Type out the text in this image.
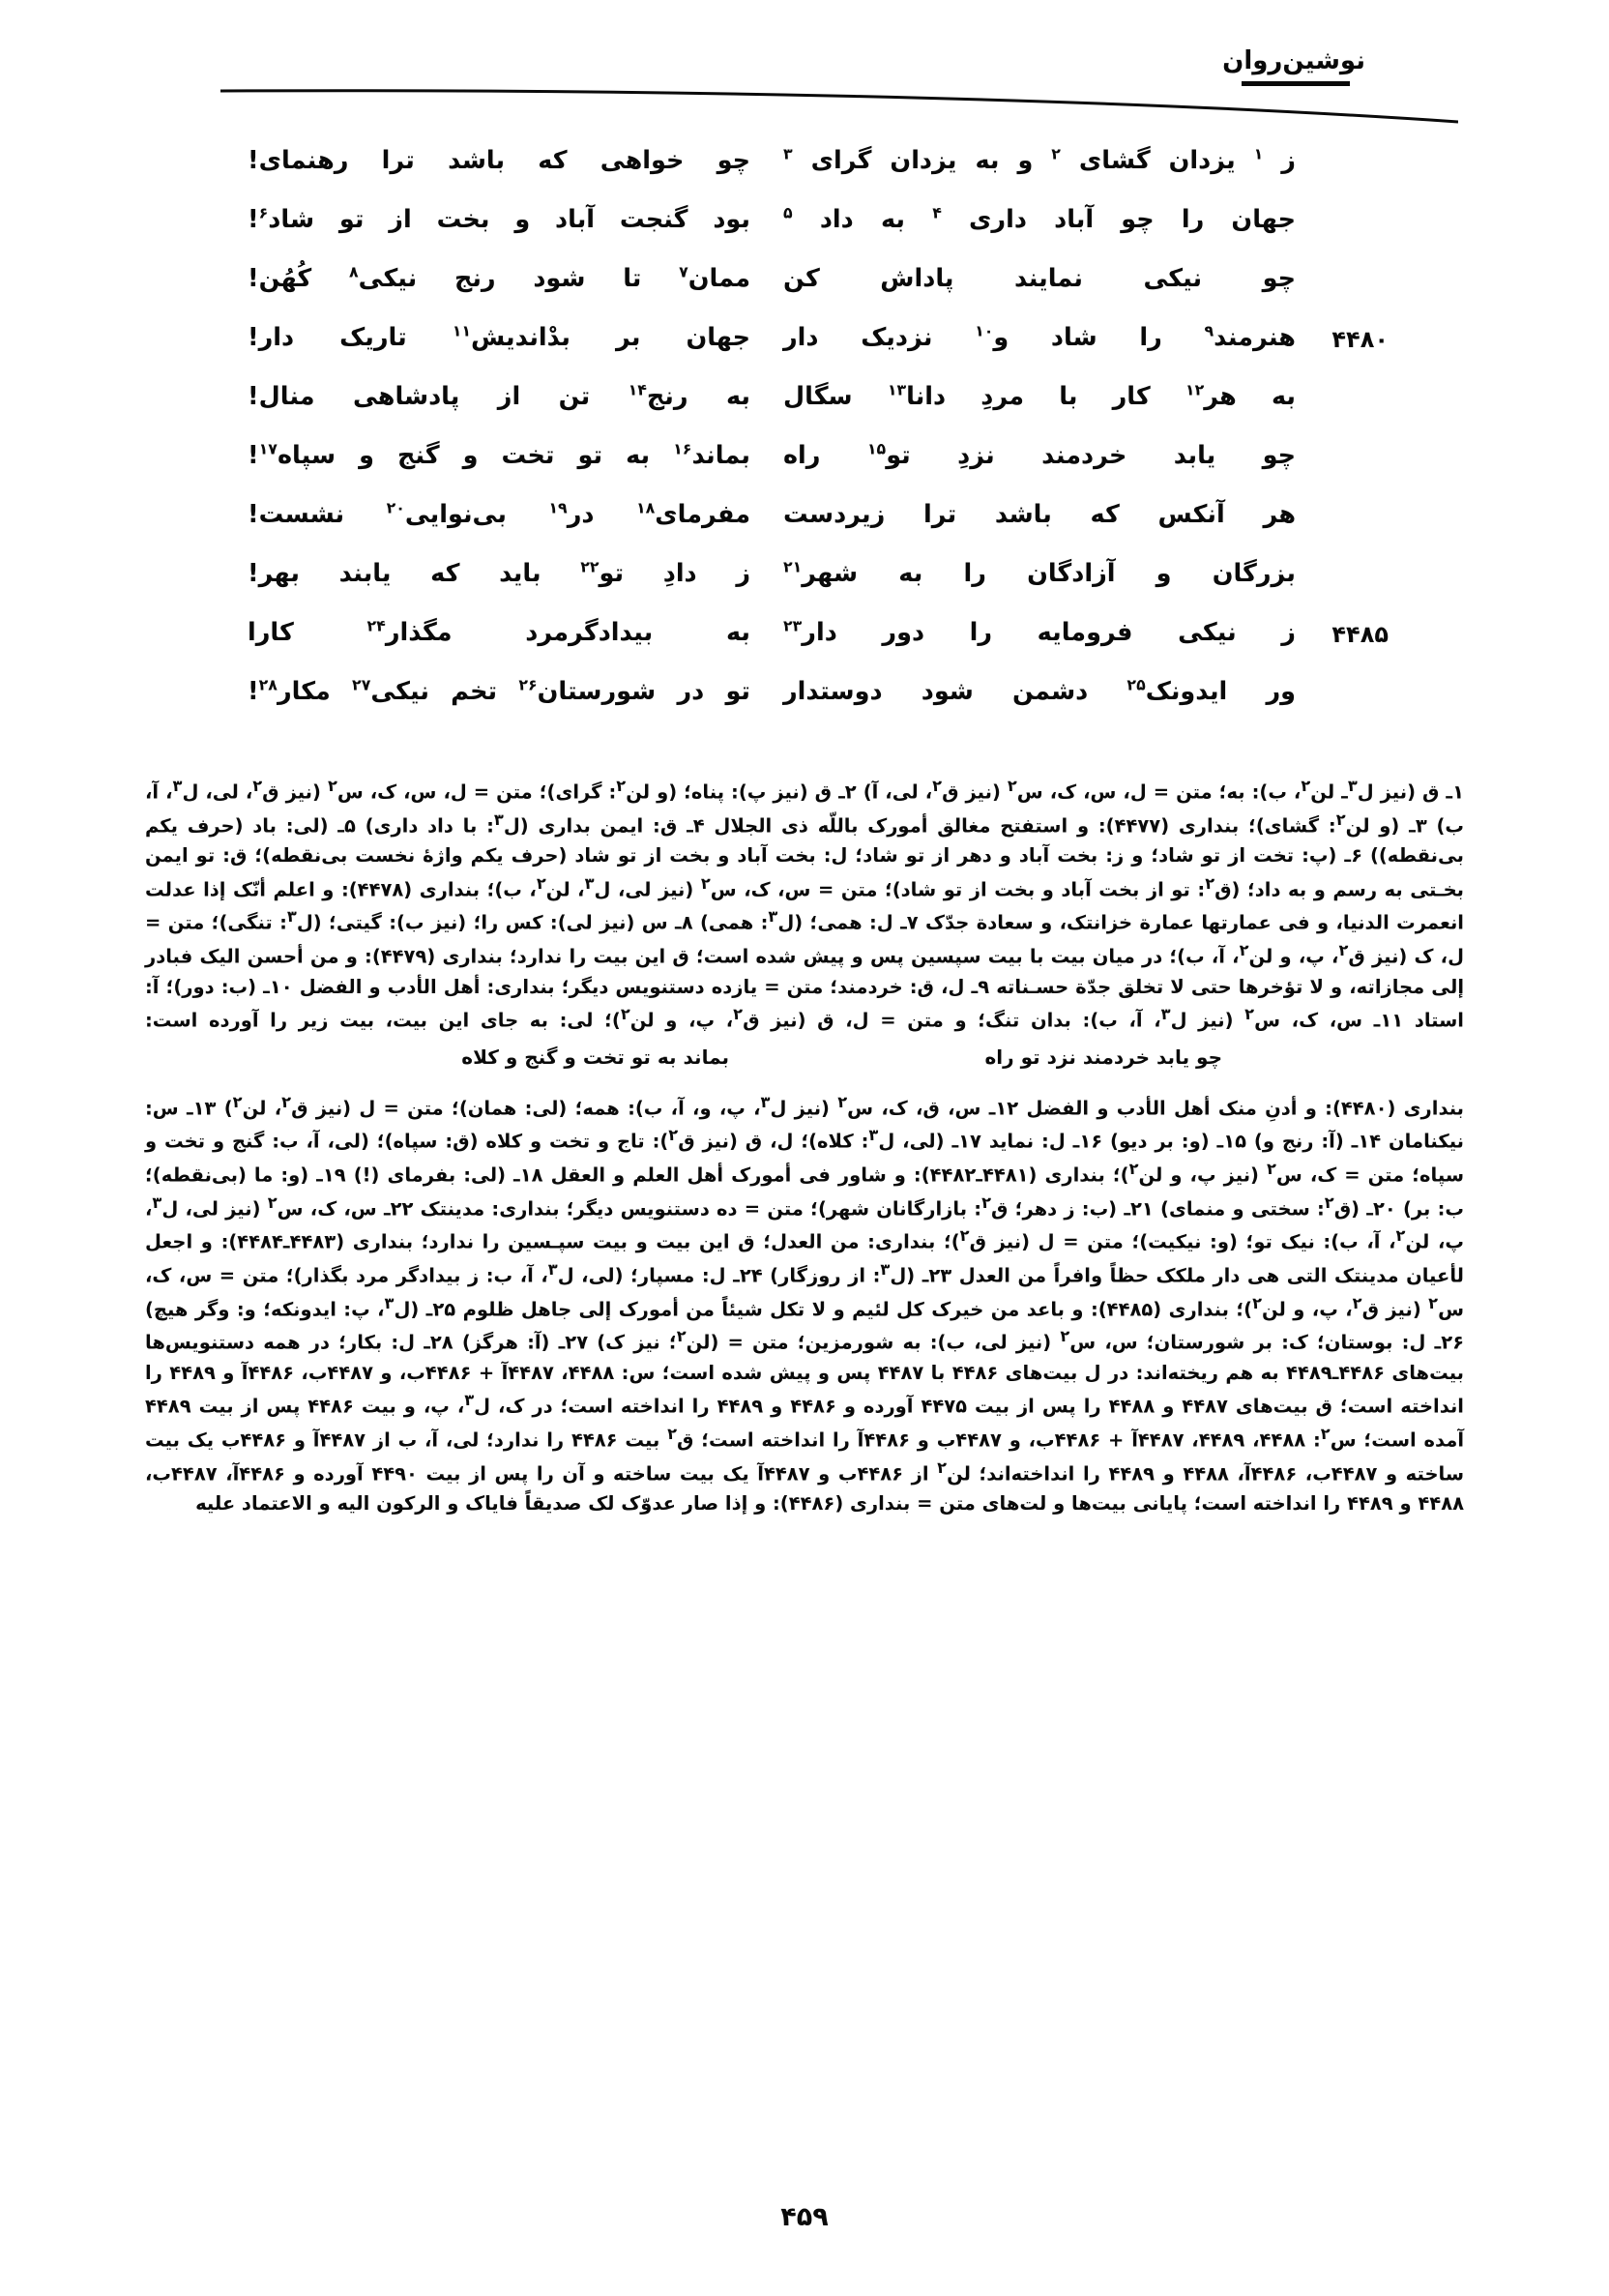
نوشین‌روان
ز $^۱$ یزدان گشای $^۲$ و به یزدان گرای $^۳$
چو خواهی که باشد ترا رهنمای!
جهان را چو آباد داری $^۴$ به داد $^۵$
بود گنجت آباد و بخت از تو شاد$^۶$!
چو نیکی نمایند پاداش کن
ممان$^۷$ تا شود رنج نیکی$^۸$ کُهُن!
۴۴۸۰
هنرمند$^۹$ را شاد و$^{۱۰}$ نزدیک دار
جهان بر بدْاندیش$^{۱۱}$ تاریک دار!
به هر$^{۱۲}$ کار با مردِ دانا$^{۱۳}$ سگال
به رنج$^{۱۴}$ تن از پادشاهی منال!
چو یابد خردمند نزدِ تو$^{۱۵}$ راه
بماند$^{۱۶}$ به تو تخت و گنج و سپاه$^{۱۷}$!
هر آنکس که باشد ترا زیردست
مفرمای$^{۱۸}$ در$^{۱۹}$ بی‌نوایی$^{۲۰}$ نشست!
بزرگان و آزادگان را به شهر$^{۲۱}$
ز دادِ تو$^{۲۲}$ باید که یابند بهر!
۴۴۸۵
ز نیکی فرومایه را دور دار$^{۲۳}$
به بیدادگرمرد مگذار$^{۲۴}$ کارا
ور ایدونک$^{۲۵}$ دشمن شود دوستدار
تو در شورستان$^{۲۶}$ تخم نیکی$^{۲۷}$ مکار$^{۲۸}$!
۱ـ ق (نیز ل$^۳$ـ لن$^۲$، ب): به؛ متن = ل، س، ک، س$^۲$ (نیز ق$^۲$، لی، آ) ۲ـ ق (نیز پ): پناه؛ (و لن$^۲$: گرای)؛ متن = ل، س، ک، س$^۲$ (نیز ق$^۲$، لی، ل$^۳$، آ، ب) ۳ـ (و لن$^۲$: گشای)؛ بنداری (۴۴۷۷): و استفتح مغالق أمورک باللّه ذی الجلال ۴ـ ق: ایمن بداری (ل$^۳$: با داد داری) ۵ـ (لی: باد (حرف یکم بی‌نقطه)) ۶ـ (پ: تخت از تو شاد؛ و ز: بخت آباد و دهر از تو شاد؛ ل: بخت آباد و بخت از تو شاد (حرف یکم واژهٔ نخست بی‌نقطه)؛ ق: تو ایمن بخـتی به رسم و به داد؛ (ق$^۲$: تو از بخت آباد و بخت از تو شاد)؛ متن = س، ک، س$^۲$ (نیز لی، ل$^۳$، لن$^۲$، ب)؛ بنداری (۴۴۷۸): و اعلم أنّک إذا عدلت انعمرت الدنیا، و فی عمارتها عمارة خزانتک، و سعادة جدّک ۷ـ ل: همی؛ (ل$^۳$: همی) ۸ـ س (نیز لی): کس را؛ (نیز ب): گیتی؛ (ل$^۳$: تنگی)؛ متن = ل، ک (نیز ق$^۲$، پ، و لن$^۲$، آ، ب)؛ در میان بیت با بیت سپسین پس و پیش شده است؛ ق این بیت را ندارد؛ بنداری (۴۴۷۹): و من أحسن الیک فبادر إلی مجازاته، و لا تؤخرها حتی لا تخلق جدّة حسـناته ۹ـ ل، ق: خردمند؛ متن = یازده دستنویس دیگر؛ بنداری: أهل الأدب و الفضل ۱۰ـ (ب: دور)؛ آ: استاد ۱۱ـ س، ک، س$^۲$ (نیز ل$^۳$، آ، ب): بدان تنگ؛ و متن = ل، ق (نیز ق$^۲$، پ، و لن$^۲$)؛ لی: به جای این بیت، بیت زیر را آورده است:
چو یابد خردمند نزد تو راه
بماند به تو تخت و گنج و کلاه
بنداری (۴۴۸۰): و أدنِ منک أهل الأدب و الفضل ۱۲ـ س، ق، ک، س$^۲$ (نیز ل$^۳$، پ، و، آ، ب): همه؛ (لی: همان)؛ متن = ل (نیز ق$^۲$، لن$^۲$) ۱۳ـ س: نیکنامان ۱۴ـ (آ: رنج و) ۱۵ـ (و: بر دیو) ۱۶ـ ل: نماید ۱۷ـ (لی، ل$^۳$: کلاه)؛ ل، ق (نیز ق$^۲$): تاج و تخت و کلاه (ق: سپاه)؛ (لی، آ، ب: گنج و تخت و سپاه؛ متن = ک، س$^۲$ (نیز پ، و لن$^۲$)؛ بنداری (۴۴۸۱ـ۴۴۸۲): و شاور فی أمورک أهل العلم و العقل ۱۸ـ (لی: بفرمای (!) ۱۹ـ (و: ما (بی‌نقطه)؛ ب: بر) ۲۰ـ (ق$^۲$: سختی و منمای) ۲۱ـ (ب: ز دهر؛ ق$^۲$: بازارگانان شهر)؛ متن = ده دستنویس دیگر؛ بنداری: مدینتک ۲۲ـ س، ک، س$^۲$ (نیز لی، ل$^۳$، پ، لن$^۲$، آ، ب): نیک تو؛ (و: نیکیت)؛ متن = ل (نیز ق$^۲$)؛ بنداری: من العدل؛ ق این بیت و بیت سپـسین را ندارد؛ بنداری (۴۴۸۳ـ۴۴۸۴): و اجعل لأعیان مدینتک التی هی دار ملکک حظاً وافراً من العدل ۲۳ـ (ل$^۳$: از روزگار) ۲۴ـ ل: مسپار؛ (لی، ل$^۳$، آ، ب: ز بیدادگر مرد بگذار)؛ متن = س، ک، س$^۲$ (نیز ق$^۲$، پ، و لن$^۲$)؛ بنداری (۴۴۸۵): و باعد من خیرک کل لئیم و لا تکل شیئاً من أمورک إلی جاهل ظلوم ۲۵ـ (ل$^۳$، پ: ایدونکه؛ و: وگر هیچ) ۲۶ـ ل: بوستان؛ ک: بر شورستان؛ س، س$^۲$ (نیز لی، ب): به شورمزین؛ متن = (لن$^۲$؛ نیز ک) ۲۷ـ (آ: هرگز) ۲۸ـ ل: بکار؛ در همه دستنویس‌ها بیت‌های ۴۴۸۶ـ۴۴۸۹ به هم ریخته‌اند: در ل بیت‌های ۴۴۸۶ با ۴۴۸۷ پس و پیش شده است؛ س: ۴۴۸۸، ۴۴۸۷آ + ۴۴۸۶ب، و ۴۴۸۷ب، ۴۴۸۶آ و ۴۴۸۹ را انداخته است؛ ق بیت‌های ۴۴۸۷ و ۴۴۸۸ را پس از بیت ۴۴۷۵ آورده و ۴۴۸۶ و ۴۴۸۹ را انداخته است؛ در ک، ل$^۳$، پ، و بیت ۴۴۸۶ پس از بیت ۴۴۸۹ آمده است؛ س$^۲$: ۴۴۸۸، ۴۴۸۹، ۴۴۸۷آ + ۴۴۸۶ب، و ۴۴۸۷ب و ۴۴۸۶آ را انداخته است؛ ق$^۲$ بیت ۴۴۸۶ را ندارد؛ لی، آ، ب از ۴۴۸۷آ و ۴۴۸۶ب یک بیت ساخته و ۴۴۸۷ب، ۴۴۸۶آ، ۴۴۸۸ و ۴۴۸۹ را انداخته‌اند؛ لن$^۲$ از ۴۴۸۶ب و ۴۴۸۷آ یک بیت ساخته و آن را پس از بیت ۴۴۹۰ آورده و ۴۴۸۶آ، ۴۴۸۷ب، ۴۴۸۸ و ۴۴۸۹ را انداخته است؛ پایانی بیت‌ها و لت‌های متن = بنداری (۴۴۸۶): و إذا صار عدوّک لک صدیقاً فایاک و الرکون الیه و الاعتماد علیه
۴۵۹
